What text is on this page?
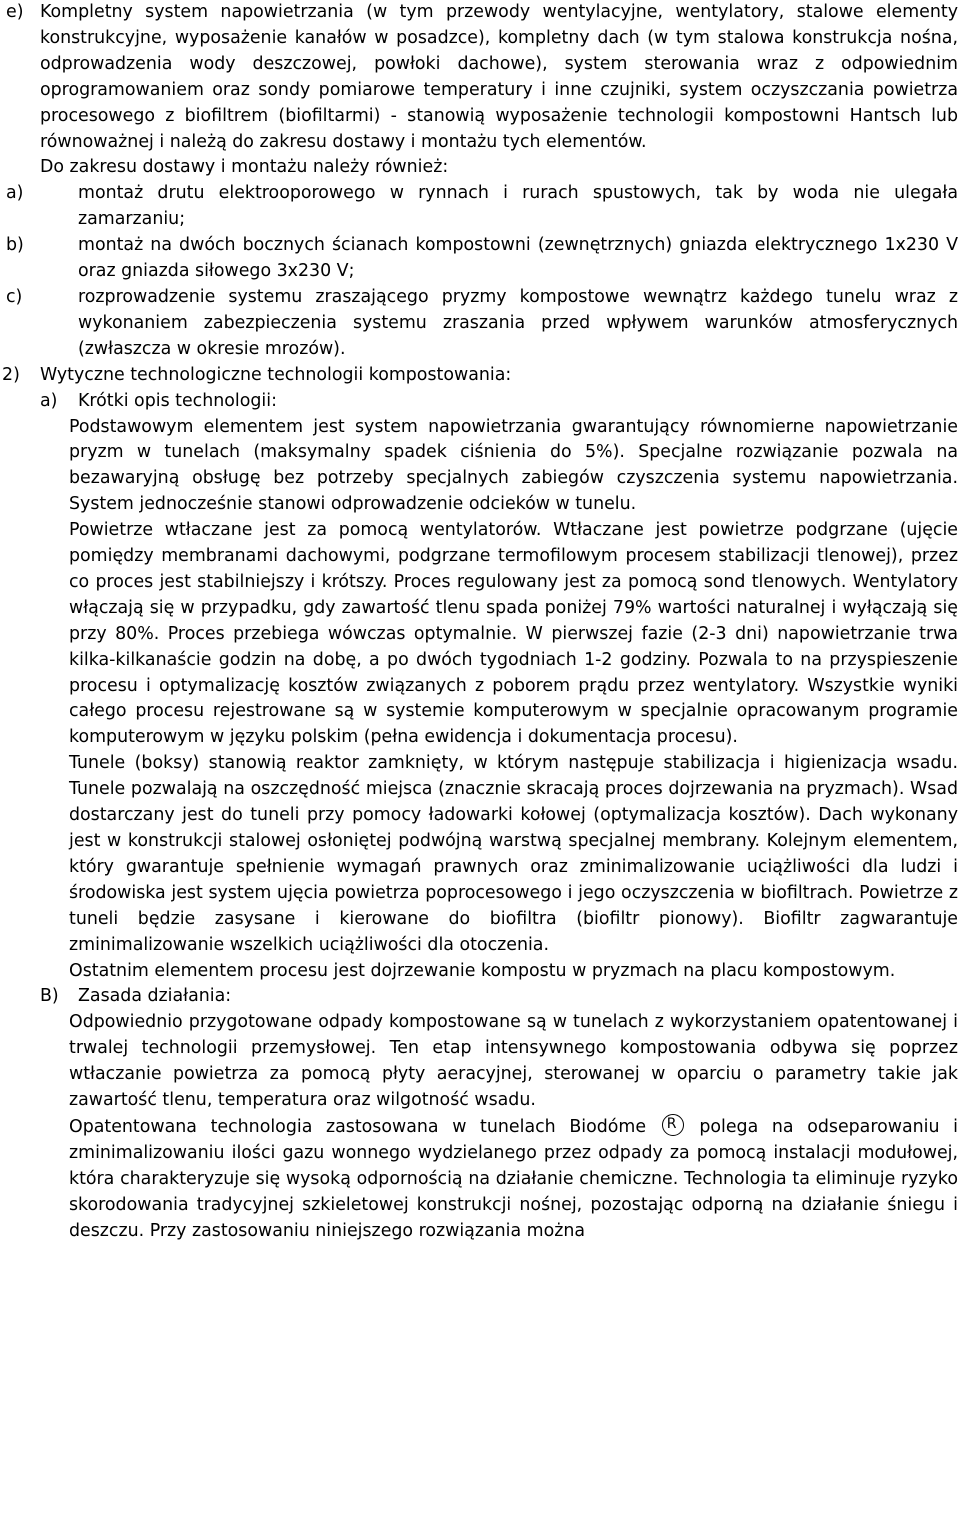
e) Kompletny system napowietrzania (w tym przewody wentylacyjne, wentylatory, stalowe elementy konstrukcyjne, wyposażenie kanałów w posadzce), kompletny dach (w tym stalowa konstrukcja nośna, odprowadzenia wody deszczowej, powłoki dachowe), system sterowania wraz z odpowiednim oprogramowaniem oraz sondy pomiarowe temperatury i inne czujniki, system oczyszczania powietrza procesowego z biofiltrem (biofiltarmi) - stanowią wyposażenie technologii kompostowni Hantsch lub równoważnej i należą do zakresu dostawy i montażu tych elementów.
Do zakresu dostawy i montażu należy również:
a)	montaż drutu elektrooporowego w rynnach i rurach spustowych, tak by woda nie ulegała zamarzaniu;
b)	montaż na dwóch bocznych ścianach kompostowni (zewnętrznych) gniazda elektrycznego 1x230 V oraz gniazda siłowego 3x230 V;
c)	rozprowadzenie systemu zraszającego pryzmy kompostowe wewnątrz każdego tunelu wraz z wykonaniem zabezpieczenia systemu zraszania przed wpływem warunków atmosferycznych (zwłaszcza w okresie mrozów).
2) Wytyczne technologiczne technologii kompostowania:
a) Krótki opis technologii:
Podstawowym elementem jest system napowietrzania gwarantujący równomierne napowietrzanie pryzm w tunelach (maksymalny spadek ciśnienia do 5%). Specjalne rozwiązanie pozwala na bezawaryjną obsługę bez potrzeby specjalnych zabiegów czyszczenia systemu napowietrzania. System jednocześnie stanowi odprowadzenie odcieków w tunelu.
Powietrze wtłaczane jest za pomocą wentylatorów. Wtłaczane jest powietrze podgrzane (ujęcie pomiędzy membranami dachowymi, podgrzane termofilowym procesem stabilizacji tlenowej), przez co proces jest stabilniejszy i krótszy. Proces regulowany jest za pomocą sond tlenowych. Wentylatory włączają się w przypadku, gdy zawartość tlenu spada poniżej 79% wartości naturalnej i wyłączają się przy 80%. Proces przebiega wówczas optymalnie. W pierwszej fazie (2-3 dni) napowietrzanie trwa kilka-kilkanaście godzin na dobę, a po dwóch tygodniach 1-2 godziny. Pozwala to na przyspieszenie procesu i optymalizację kosztów związanych z poborem prądu przez wentylatory. Wszystkie wyniki całego procesu rejestrowane są w systemie komputerowym w specjalnie opracowanym programie komputerowym w języku polskim (pełna ewidencja i dokumentacja procesu).
Tunele (boksy) stanowią reaktor zamknięty, w którym następuje stabilizacja i higienizacja wsadu. Tunele pozwalają na oszczędność miejsca (znacznie skracają proces dojrzewania na pryzmach). Wsad dostarczany jest do tuneli przy pomocy ładowarki kołowej (optymalizacja kosztów). Dach wykonany jest w konstrukcji stalowej osłoniętej podwójną warstwą specjalnej membrany. Kolejnym elementem, który gwarantuje spełnienie wymagań prawnych oraz zminimalizowanie uciążliwości dla ludzi i środowiska jest system ujęcia powietrza poprocesowego i jego oczyszczenia w biofiltrach. Powietrze z tuneli będzie zasysane i kierowane do biofiltra (biofiltr pionowy). Biofiltr zagwarantuje zminimalizowanie wszelkich uciążliwości dla otoczenia.
Ostatnim elementem procesu jest dojrzewanie kompostu w pryzmach na placu kompostowym.
B) Zasada działania:
Odpowiednio przygotowane odpady kompostowane są w tunelach z wykorzystaniem opatentowanej i trwalej technologii przemysłowej. Ten etap intensywnego kompostowania odbywa się poprzez wtłaczanie powietrza za pomocą płyty aeracyjnej, sterowanej w oparciu o parametry takie jak zawartość tlenu, temperatura oraz wilgotność wsadu.
Opatentowana technologia zastosowana w tunelach Biodóme R	polega na odseparowaniu i zminimalizowaniu ilości gazu wonnego wydzielanego przez odpady za pomocą instalacji modułowej, która charakteryzuje się wysoką odpornością na działanie chemiczne. Technologia ta eliminuje ryzyko skorodowania tradycyjnej szkieletowej konstrukcji nośnej, pozostając odporną na działanie śniegu i deszczu. Przy zastosowaniu niniejszego rozwiązania można
